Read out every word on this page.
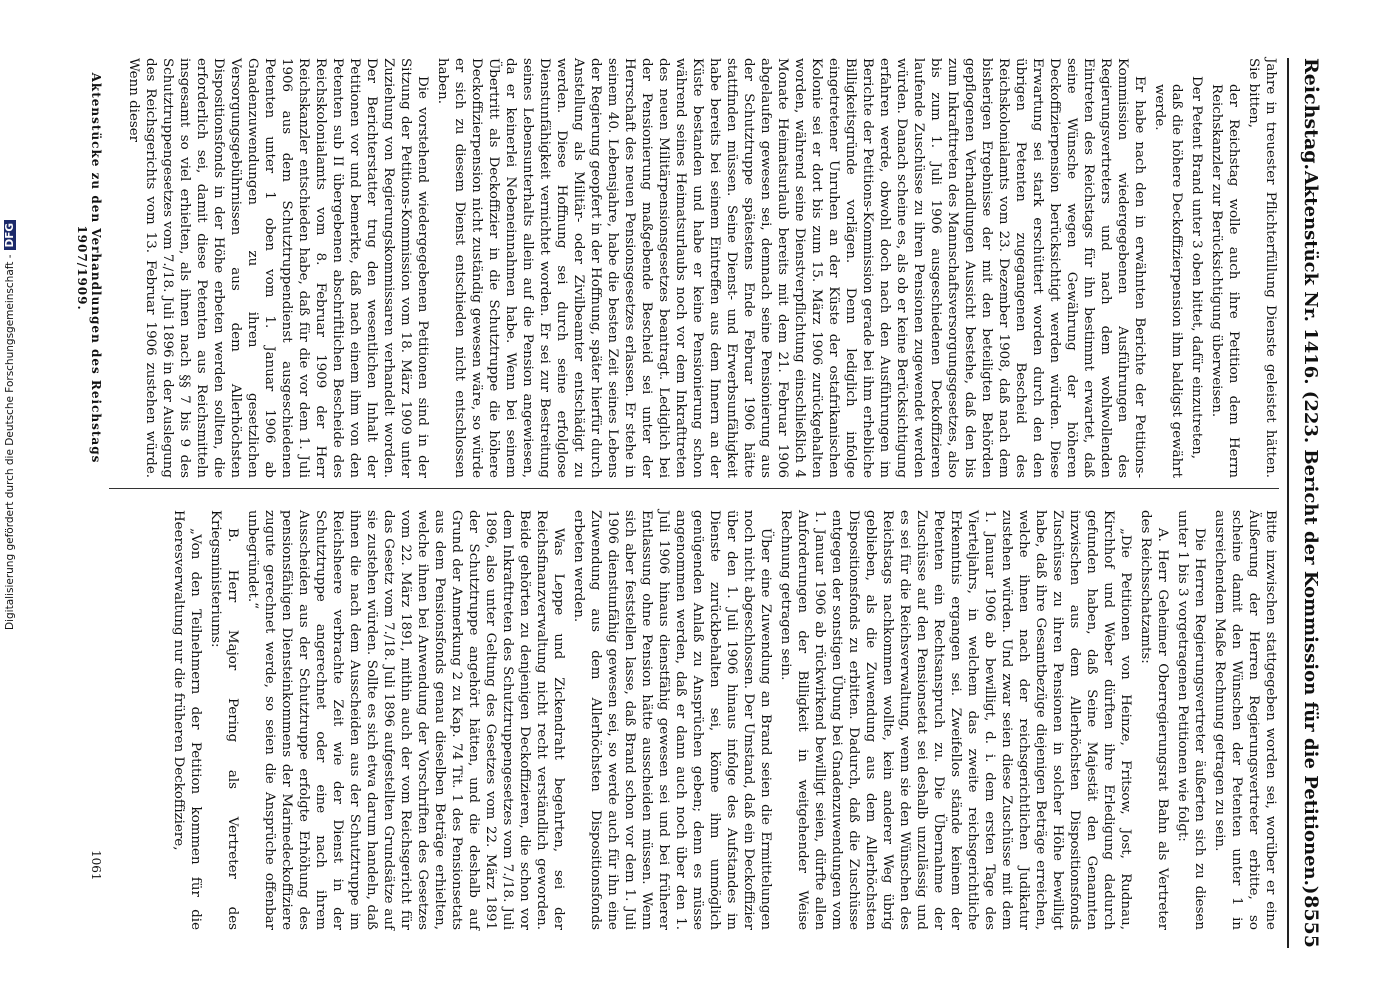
Digitalisierung gefördert durch die Deutsche Forschungsgemeinschaft -DFG
Reichstag.
Aktenstück Nr. 1416. (223. Bericht der Kommission für die Petitionen.)
8555

Jahre in treuester Pflichterfüllung Dienste geleistet hätten. Sie bitten,

der Reichstag wolle auch ihre Petition dem Herrn Reichskanzler zur Berücksichtigung überweisen.

Der Petent Brand unter 3 oben bittet, dafür einzutreten,

daß die höhere Deckoffizierpension ihm baldigst gewährt werde.

Er habe nach den in erwähnten Berichte der Petitions-Kommission wiedergegebenen Ausführungen des Regierungsvertreters und nach dem wohlwollenden Eintreten des Reichstags für ihn bestimmt erwartet, daß seine Wünsche wegen Gewährung der höheren Deckoffizierpension berücksichtigt werden würden. Diese Erwartung sei stark erschüttert worden durch den den übrigen Petenten zugegangenen Bescheid des Reichskolonialamts vom 23. Dezember 1908, daß nach dem bisherigen Ergebnisse der mit den beteiligten Behörden gepflogenen Verhandlungen Aussicht bestehe, daß den bis zum Inkrafttreten des Mannschaftsversorgungsgesetzes, also bis zum 1. Juli 1906 ausgeschiedenen Deckoffizieren laufende Zuschüsse zu ihren Pensionen zugewendet werden würden. Danach scheine es, als ob er keine Berücksichtigung erfahren werde, obwohl doch nach den Ausführungen im Berichte der Petitions-Kommission gerade bei ihm erhebliche Billigkeitsgründe vorlägen. Denn lediglich infolge eingetretener Unruhen an der Küste der ostafrikanischen Kolonie sei er dort bis zum 15. März 1906 zurückgehalten worden, während seine Dienstverpflichtung einschließlich 4 Monate Heimatsurlaub bereits mit dem 21. Februar 1906 abgelaufen gewesen sei, demnach seine Pensionierung aus der Schutztruppe spätestens Ende Februar 1906 hätte stattfinden müssen. Seine Dienst- und Erwerbsunfähigkeit habe bereits bei seinem Eintreffen aus dem Innern an der Küste bestanden und habe er keine Pensionierung schon während seines Heimatsurlaubs noch vor dem Inkrafttreten des neuen Militärpensionsgesetzes beantragt. Lediglich bei der Pensionierung maßgebende Bescheid sei unter der Herrschaft des neuen Pensionsgesetzes erlassen. Er stehe in seinem 40. Lebensjahre, habe die besten Zeit seines Lebens der Regierung geopfert in der Hoffnung, später hierfür durch Anstellung als Militär- oder Zivilbeamter entschädigt zu werden. Diese Hoffnung sei durch seine erfolglose Dienstunfähigkeit vernichtet worden. Er sei zur Bestreitung seines Lebensunterhalts allein auf die Pension angewiesen, da er keinerlei Nebeneinnahmen habe. Wenn bei seinem Übertritt als Deckoffizier in die Schutztruppe die höhere Deckoffizierpension nicht zuständig gewesen wäre, so würde er sich zu diesem Dienst entschieden nicht entschlossen haben.

Die vorstehend wiedergegebenen Petitionen sind in der Sitzung der Petitions-Kommission vom 18. März 1909 unter Zuziehung von Regierungskommissaren verhandelt worden. Der Berichterstatter trug den wesentlichen Inhalt der Petitionen vor und bemerkte, daß nach einem ihm von den Petenten sub II übergebenen abschriftlichen Bescheide des Reichskolonialamts vom 8. Februar 1909 der Herr Reichskanzler entschieden habe, daß für die vor dem 1. Juli 1906 aus dem Schutztruppendienst ausgeschiedenen Petenten unter 1 oben vom 1. Januar 1906 ab Gnadenzuwendungen zu ihren gesetzlichen Versorgungsgebührnissen aus dem Allerhöchsten Dispositionsfonds in der Höhe erbeten werden sollten, die erforderlich sei, damit diese Petenten aus Reichsmitteln insgesamt so viel erhielten, als ihnen nach §§ 7 bis 9 des Schutztruppengesetzes vom 7./18. Juli 1896 in der Auslegung des Reichsgerichts vom 13. Februar 1906 zustehen würde. Wenn dieser

Bitte inzwischen stattgegeben worden sei, worüber er eine Äußerung der Herren Regierungsvertreter erbitte, so scheine damit den Wünschen der Petenten unter 1 in ausreichendem Maße Rechnung getragen zu sein.

Die Herren Regierungsvertreter äußerten sich zu diesen unter 1 bis 3 vorgetragenen Petitionen wie folgt:

A. Herr Geheimer Oberregierungsrat Bahn als Vertreter des Reichsschatzamts:

„Die Petitionen von Heinze, Fritsow, Jost, Rudnau, Kirchhof und Weber dürften ihre Erledigung dadurch gefunden haben, daß Seine Majestät den Genannten inzwischen aus dem Allerhöchsten Dispositionsfonds Zuschüsse zu ihren Pensionen in solcher Höhe bewilligt habe, daß ihre Gesamtbezüge diejenigen Beträge erreichen, welche ihnen nach der reichsgerichtlichen Judikatur zustehen würden. Und zwar seien diese Zuschüsse mit dem 1. Januar 1906 ab bewilligt, d. i. dem ersten Tage des Vierteljahrs, in welchem das zweite reichsgerichtliche Erkenntnis ergangen sei. Zweifellos stände keinem der Petenten ein Rechtsanspruch zu. Die Übernahme der Zuschüsse auf den Pensionsetat sei deshalb unzulässig und es sei für die Reichsverwaltung, wenn sie den Wünschen des Reichstags nachkommen wollte, kein anderer Weg übrig geblieben, als die Zuwendung aus dem Allerhöchsten Dispositionsfonds zu erbitten. Dadurch, daß die Zuschüsse entgegen der sonstigen Übung bei Gnadenzuwendungen vom 1. Januar 1906 ab rückwirkend bewilligt seien, dürfte allen Anforderungen der Billigkeit in weitgehender Weise Rechnung getragen sein.

Über eine Zuwendung an Brand seien die Ermittelungen noch nicht abgeschlossen. Der Umstand, daß ein Deckoffizier über den 1. Juli 1906 hinaus infolge des Aufstandes im Dienste zurückbehalten sei, könne ihm unmöglich genügenden Anlaß zu Ansprüchen geben; denn es müsse angenommen werden, daß er dann auch noch über den 1. Juli 1906 hinaus dienstfähig gewesen sei und bei früherer Entlassung ohne Pension hätte ausscheiden müssen. Wenn sich aber feststellen lasse, daß Brand schon vor dem 1. Juli 1906 dienstunfähig gewesen sei, so werde auch für ihn eine Zuwendung aus dem Allerhöchsten Dispositionsfonds erbeten werden.

Was Leppe und Zickendraht begehrten, sei der Reichsfinanzverwaltung nicht recht verständlich geworden. Beide gehörten zu denjenigen Deckoffizieren, die schon vor dem Inkrafttreten des Schutztruppengesetzes vom 7./18. Juli 1896, also unter Geltung des Gesetzes vom 22. März 1891 der Schutztruppe angehört hätten, und die deshalb auf Grund der Anmerkung 2 zu Kap. 74 Tit. 1 des Pensionsetats aus dem Pensionsfonds genau dieselben Beträge erhielten, welche ihnen bei Anwendung der Vorschriften des Gesetzes vom 22. März 1891, mithin auch der vom Reichsgericht für das Gesetz vom 7./18. Juli 1896 aufgestellten Grundsätze auf sie zustehen würden. Sollte es sich etwa darum handeln, daß ihnen die nach dem Ausscheiden aus der Schutztruppe im Reichsheere verbrachte Zeit wie der Dienst in der Schutztruppe angerechnet oder eine nach ihrem Ausscheiden aus der Schutztruppe erfolgte Erhöhung des pensionsfähigen Diensteinkommens der Marinedeckoffiziere zugute gerechnet werde, so seien die Ansprüche offenbar unbegründet.“

B. Herr Major Pering als Vertreter des Kriegsministeriums:

„Von den Teilnehmern der Petition kommen für die Heeresverwaltung nur die früheren Deckoffiziere,

Aktenstücke zu den Verhandlungen des Reichstags 1907/1909.
1061
